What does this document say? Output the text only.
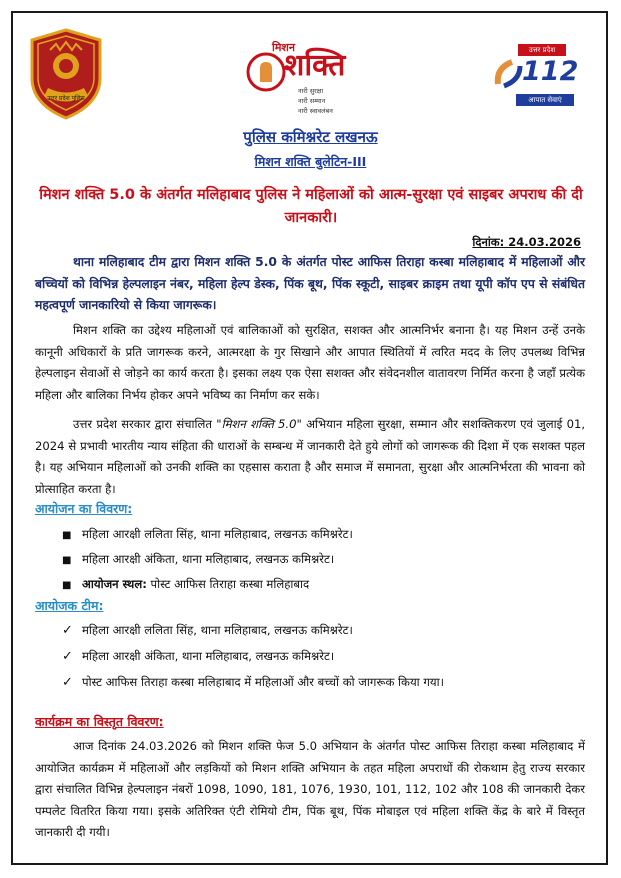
उत्तर प्रदेश पुलिस
मिशन
शक्ति
नारी सुरक्षा
नारी सम्मान
नारी स्वावलंबन
उत्तर प्रदेश
112
आपात सेवाएं
पुलिस कमिश्नरेट लखनऊ
मिशन शक्ति बुलेटिन-III
मिशन शक्ति 5.0 के अंतर्गत मलिहाबाद पुलिस ने महिलाओं को आत्म-सुरक्षा एवं साइबर अपराध की दी जानकारी।
दिनांक: 24.03.2026
थाना मलिहाबाद टीम द्वारा मिशन शक्ति 5.0 के अंतर्गत पोस्ट आफिस तिराहा कस्बा मलिहाबाद में महिलाओं और बच्चियों को विभिन्न हेल्पलाइन नंबर, महिला हेल्प डेस्क, पिंक बूथ, पिंक स्कूटी, साइबर क्राइम तथा यूपी कॉप एप से संबंधित महत्वपूर्ण जानकारियो से किया जागरूक।
मिशन शक्ति का उद्देश्य महिलाओं एवं बालिकाओं को सुरक्षित, सशक्त और आत्मनिर्भर बनाना है। यह मिशन उन्हें उनके कानूनी अधिकारों के प्रति जागरूक करने, आत्मरक्षा के गुर सिखाने और आपात स्थितियों में त्वरित मदद के लिए उपलब्ध विभिन्न हेल्पलाइन सेवाओं से जोड़ने का कार्य करता है। इसका लक्ष्य एक ऐसा सशक्त और संवेदनशील वातावरण निर्मित करना है जहाँ प्रत्येक महिला और बालिका निर्भय होकर अपने भविष्य का निर्माण कर सके।
उत्तर प्रदेश सरकार द्वारा संचालित "मिशन शक्ति 5.0" अभियान महिला सुरक्षा, सम्मान और सशक्तिकरण एवं जुलाई 01, 2024 से प्रभावी भारतीय न्याय संहिता की धाराओं के सम्बन्ध में जानकारी देते हुये लोगों को जागरूक की दिशा में एक सशक्त पहल है। यह अभियान महिलाओं को उनकी शक्ति का एहसास कराता है और समाज में समानता, सुरक्षा और आत्मनिर्भरता की भावना को प्रोत्साहित करता है।
आयोजन का विवरण:
■ महिला आरक्षी ललिता सिंह, थाना मलिहाबाद, लखनऊ कमिश्नरेट।
■ महिला आरक्षी अंकिता, थाना मलिहाबाद, लखनऊ कमिश्नरेट।
■ आयोजन स्थल: पोस्ट आफिस तिराहा कस्बा मलिहाबाद
आयोजक टीम:
✓ महिला आरक्षी ललिता सिंह, थाना मलिहाबाद, लखनऊ कमिश्नरेट।
✓ महिला आरक्षी अंकिता, थाना मलिहाबाद, लखनऊ कमिश्नरेट।
✓ पोस्ट आफिस तिराहा कस्बा मलिहाबाद में महिलाओं और बच्चों को जागरूक किया गया।
कार्यक्रम का विस्तृत विवरण:
आज दिनांक 24.03.2026 को मिशन शक्ति फेज 5.0 अभियान के अंतर्गत पोस्ट आफिस तिराहा कस्बा मलिहाबाद में आयोजित कार्यक्रम में महिलाओं और लड़कियों को मिशन शक्ति अभियान के तहत महिला अपराधों की रोकथाम हेतु राज्य सरकार द्वारा संचालित विभिन्न हेल्पलाइन नंबरों 1098, 1090, 181, 1076, 1930, 101, 112, 102 और 108 की जानकारी देकर पम्पलेट वितरित किया गया। इसके अतिरिक्त एंटी रोमियो टीम, पिंक बूथ, पिंक मोबाइल एवं महिला शक्ति केंद्र के बारे में विस्तृत जानकारी दी गयी।
